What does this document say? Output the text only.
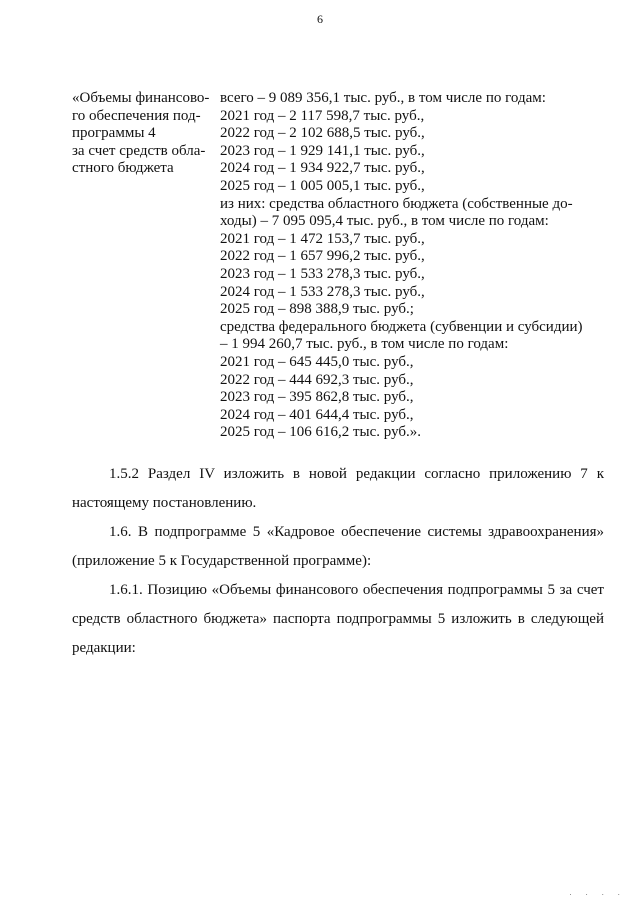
6
«Объемы финансово-
го обеспечения под-
программы 4
за счет средств обла-
стного бюджета
всего – 9 089 356,1 тыс. руб., в том числе по годам:
2021 год – 2 117 598,7 тыс. руб.,
2022 год – 2 102 688,5 тыс. руб.,
2023 год – 1 929 141,1 тыс. руб.,
2024 год – 1 934 922,7 тыс. руб.,
2025 год – 1 005 005,1 тыс. руб.,
из них: средства областного бюджета (собственные до-
ходы) – 7 095 095,4 тыс. руб., в том числе по годам:
2021 год – 1 472 153,7 тыс. руб.,
2022 год – 1 657 996,2 тыс. руб.,
2023 год – 1 533 278,3 тыс. руб.,
2024 год – 1 533 278,3 тыс. руб.,
2025 год – 898 388,9 тыс. руб.;
средства федерального бюджета (субвенции и субсидии)
– 1 994 260,7 тыс. руб., в том числе по годам:
2021 год – 645 445,0 тыс. руб.,
2022 год – 444 692,3 тыс. руб.,
2023 год – 395 862,8 тыс. руб.,
2024 год – 401 644,4 тыс. руб.,
2025 год – 106 616,2 тыс. руб.».

1.5.2 Раздел IV изложить в новой редакции согласно приложению 7 к настоящему постановлению.

1.6. В подпрограмме 5 «Кадровое обеспечение системы здравоохранения» (приложение 5 к Государственной программе):

1.6.1. Позицию «Объемы финансового обеспечения подпрограммы 5 за счет средств областного бюджета» паспорта подпрограммы 5 изложить в следующей редакции:

· · · ·
